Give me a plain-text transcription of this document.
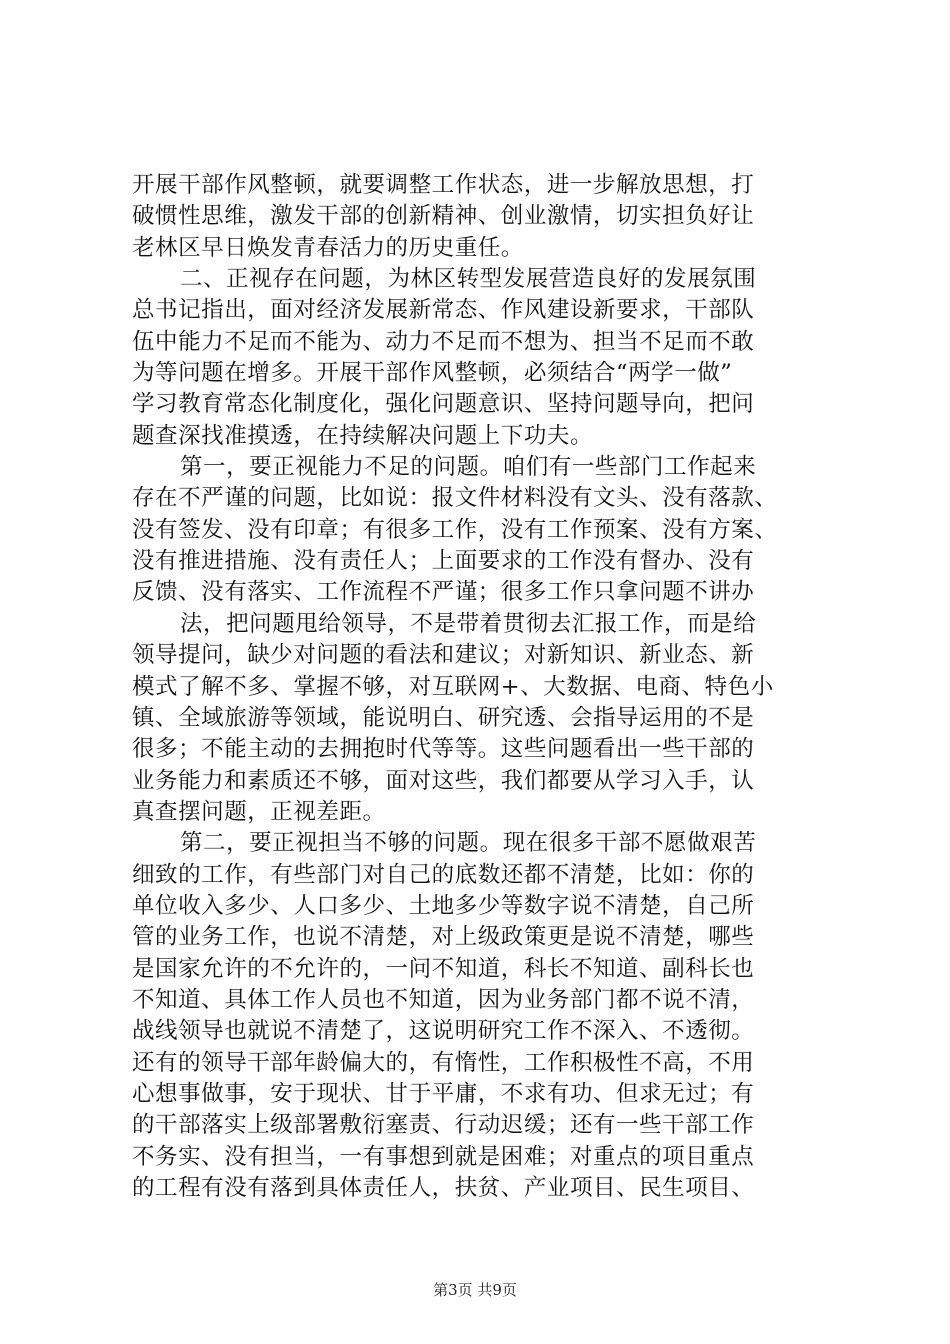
开展干部作风整顿，就要调整工作状态，进一步解放思想，打
破惯性思维，激发干部的创新精神、创业激情，切实担负好让
老林区早日焕发青春活力的历史重任。
二、正视存在问题，为林区转型发展营造良好的发展氛围
总书记指出，面对经济发展新常态、作风建设新要求，干部队
伍中能力不足而不能为、动力不足而不想为、担当不足而不敢
为等问题在增多。开展干部作风整顿，必须结合“两学一做”
学习教育常态化制度化，强化问题意识、坚持问题导向，把问
题查深找准摸透，在持续解决问题上下功夫。
第一，要正视能力不足的问题。咱们有一些部门工作起来
存在不严谨的问题，比如说：报文件材料没有文头、没有落款、
没有签发、没有印章；有很多工作，没有工作预案、没有方案、
没有推进措施、没有责任人；上面要求的工作没有督办、没有
反馈、没有落实、工作流程不严谨；很多工作只拿问题不讲办
法，把问题甩给领导，不是带着贯彻去汇报工作，而是给
领导提问，缺少对问题的看法和建议；对新知识、新业态、新
模式了解不多、掌握不够，对互联网+、大数据、电商、特色小
镇、全域旅游等领域，能说明白、研究透、会指导运用的不是
很多；不能主动的去拥抱时代等等。这些问题看出一些干部的
业务能力和素质还不够，面对这些，我们都要从学习入手，认
真查摆问题，正视差距。
第二，要正视担当不够的问题。现在很多干部不愿做艰苦
细致的工作，有些部门对自己的底数还都不清楚，比如：你的
单位收入多少、人口多少、土地多少等数字说不清楚，自己所
管的业务工作，也说不清楚，对上级政策更是说不清楚，哪些
是国家允许的不允许的，一问不知道，科长不知道、副科长也
不知道、具体工作人员也不知道，因为业务部门都不说不清，
战线领导也就说不清楚了，这说明研究工作不深入、不透彻。
还有的领导干部年龄偏大的，有惰性，工作积极性不高，不用
心想事做事，安于现状、甘于平庸，不求有功、但求无过；有
的干部落实上级部署敷衍塞责、行动迟缓；还有一些干部工作
不务实、没有担当，一有事想到就是困难；对重点的项目重点
的工程有没有落到具体责任人，扶贫、产业项目、民生项目、
第3页 共9页
